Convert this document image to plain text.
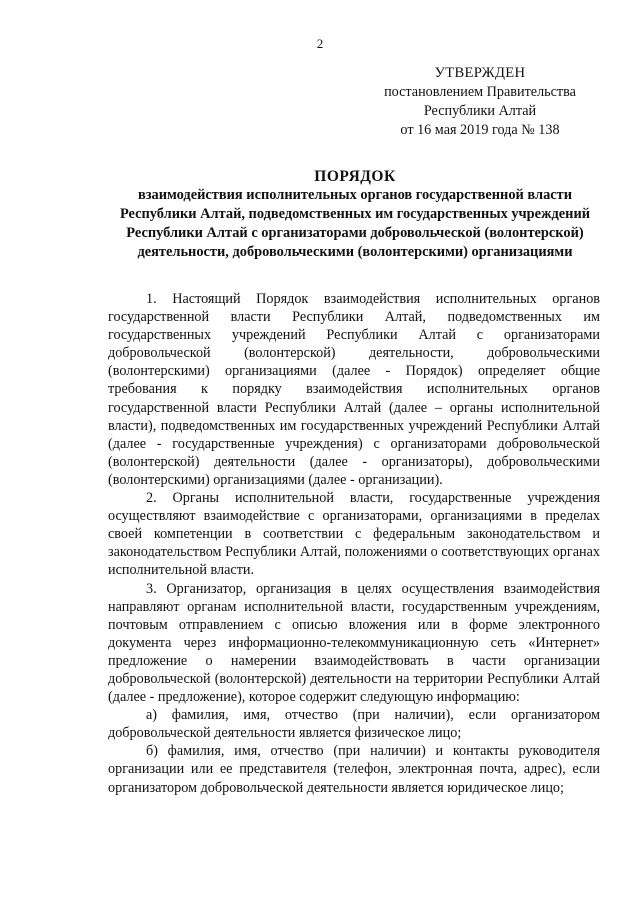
2
УТВЕРЖДЕН
постановлением Правительства
Республики Алтай
от 16 мая 2019 года № 138
ПОРЯДОК
взаимодействия исполнительных органов государственной власти Республики Алтай, подведомственных им государственных учреждений Республики Алтай с организаторами добровольческой (волонтерской) деятельности, добровольческими (волонтерскими) организациями

1. Настоящий Порядок взаимодействия исполнительных органов государственной власти Республики Алтай, подведомственных им государственных учреждений Республики Алтай с организаторами добровольческой (волонтерской) деятельности, добровольческими (волонтерскими) организациями (далее - Порядок) определяет общие требования к порядку взаимодействия исполнительных органов государственной власти Республики Алтай (далее – органы исполнительной власти), подведомственных им государственных учреждений Республики Алтай (далее - государственные учреждения) с организаторами добровольческой (волонтерской) деятельности (далее - организаторы), добровольческими (волонтерскими) организациями (далее - организации).

2. Органы исполнительной власти, государственные учреждения осуществляют взаимодействие с организаторами, организациями в пределах своей компетенции в соответствии с федеральным законодательством и законодательством Республики Алтай, положениями о соответствующих органах исполнительной власти.

3. Организатор, организация в целях осуществления взаимодействия направляют органам исполнительной власти, государственным учреждениям, почтовым отправлением с описью вложения или в форме электронного документа через информационно-телекоммуникационную сеть «Интернет» предложение о намерении взаимодействовать в части организации добровольческой (волонтерской) деятельности на территории Республики Алтай (далее - предложение), которое содержит следующую информацию:

а) фамилия, имя, отчество (при наличии), если организатором добровольческой деятельности является физическое лицо;

б) фамилия, имя, отчество (при наличии) и контакты руководителя организации или ее представителя (телефон, электронная почта, адрес), если организатором добровольческой деятельности является юридическое лицо;
